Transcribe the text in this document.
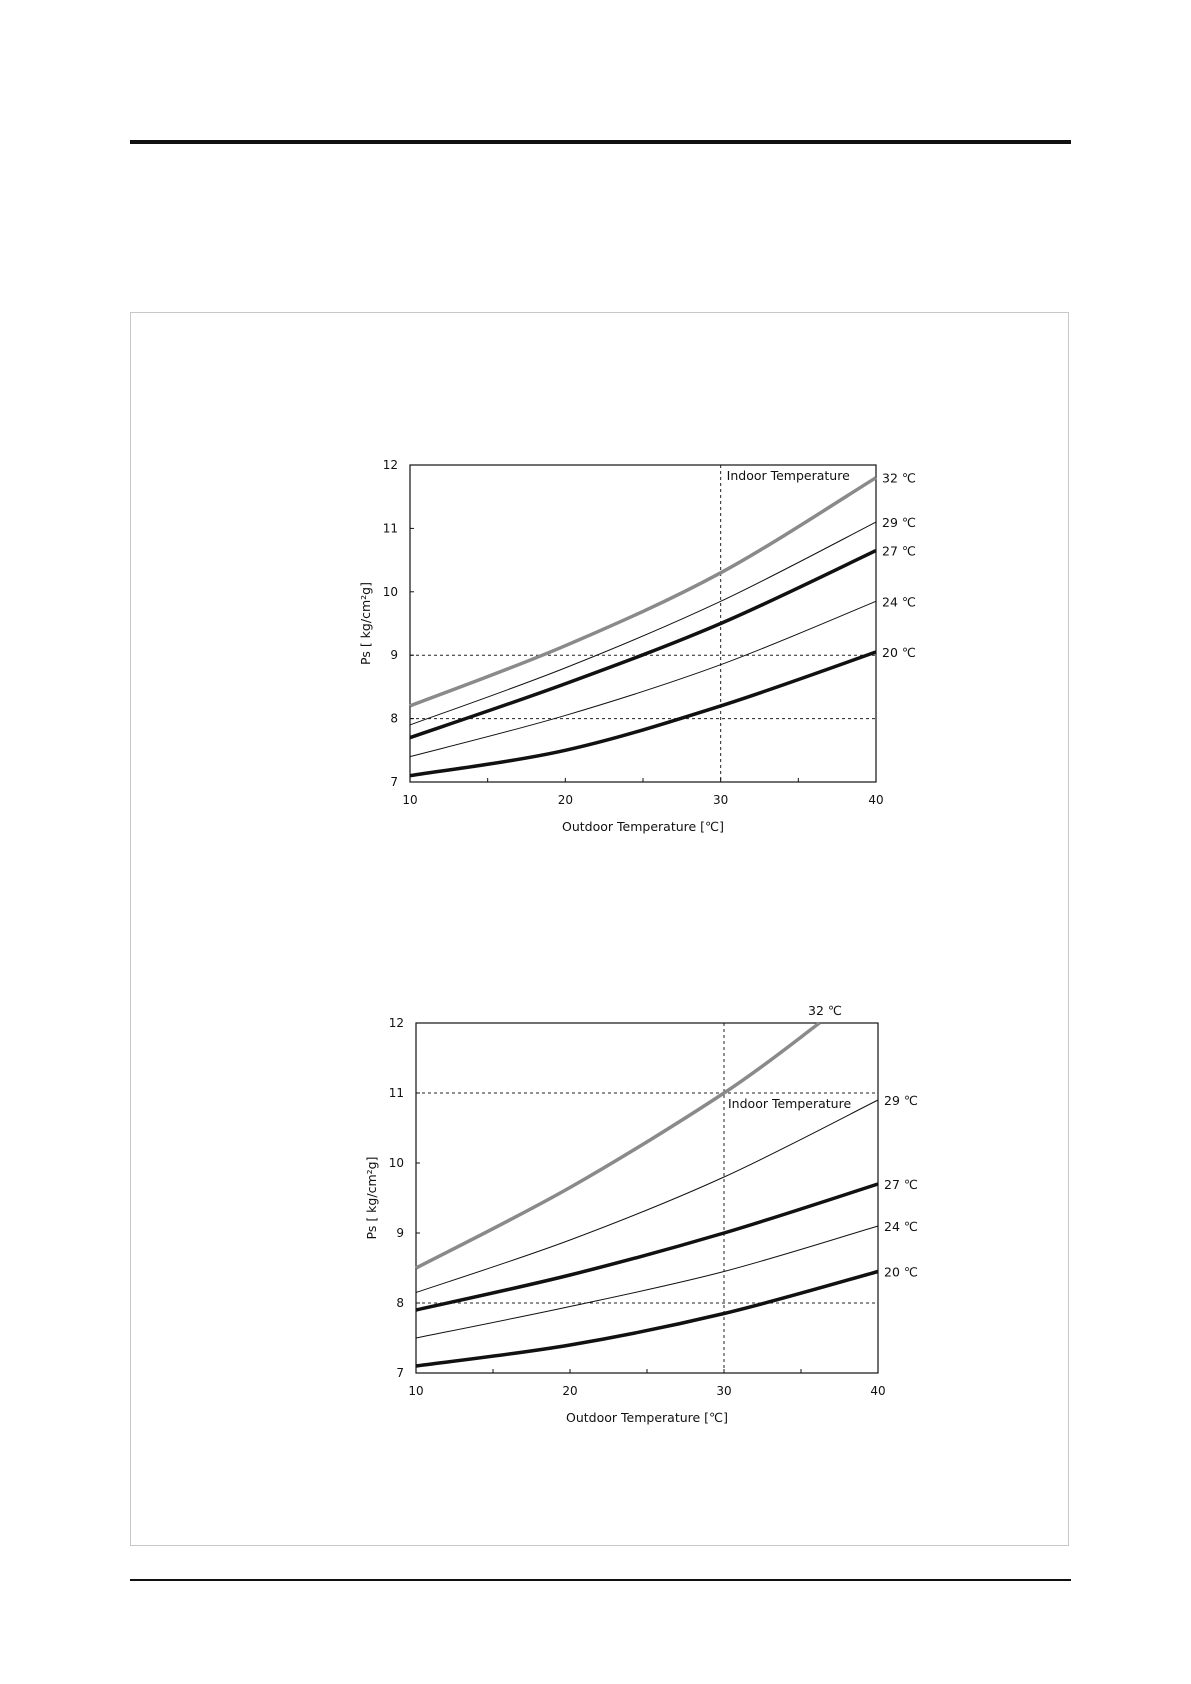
10	20	30	40
7
8
9
10
11
12
Outdoor Temperature [℃]
Ps [ kg/cm²g]
32 ℃
29 ℃
27 ℃
24 ℃
20 ℃
Indoor Temperature
10	20	30	40
7
8
9
10
11
12
Outdoor Temperature [℃]
Ps [ kg/cm²g]
32 ℃
29 ℃
27 ℃
24 ℃
20 ℃
Indoor Temperature
